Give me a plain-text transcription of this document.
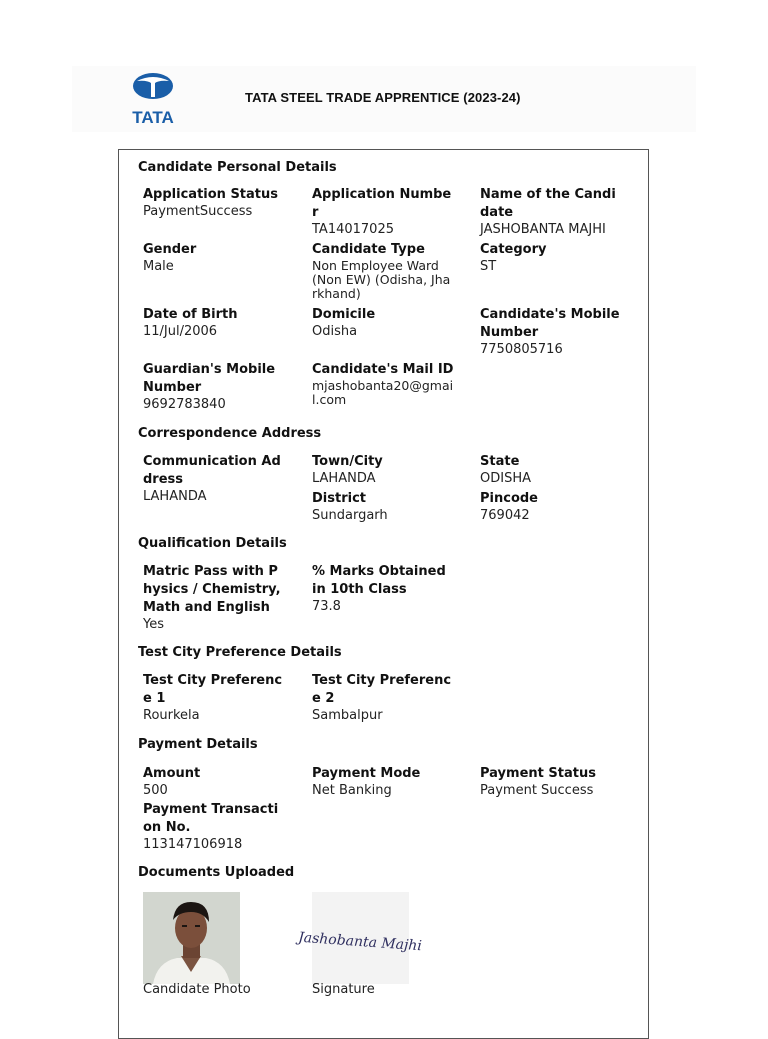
TATA
TATA STEEL TRADE APPRENTICE (2023-24)
Candidate Personal Details
Application Status
PaymentSuccess
Application Number
TA14017025
Name of the Candidate
JASHOBANTA MAJHI
Gender
Male
Candidate Type
Non Employee Ward (Non EW) (Odisha, Jharkhand)
Category
ST
Date of Birth
11/Jul/2006
Domicile
Odisha
Candidate's Mobile Number
7750805716
Guardian's Mobile Number
9692783840
Candidate's Mail ID
mjashobanta20@gmail.com
Correspondence Address
Communication Address
LAHANDA
Town/City
LAHANDA
State
ODISHA
District
Sundargarh
Pincode
769042
Qualification Details
Matric Pass with Physics / Chemistry, Math and English
Yes
% Marks Obtained in 10th Class
73.8
Test City Preference Details
Test City Preference 1
Rourkela
Test City Preference 2
Sambalpur
Payment Details
Amount
500
Payment Mode
Net Banking
Payment Status
Payment Success
Payment Transaction No.
113147106918
Documents Uploaded
Jashobanta Majhi
Candidate Photo	Signature
